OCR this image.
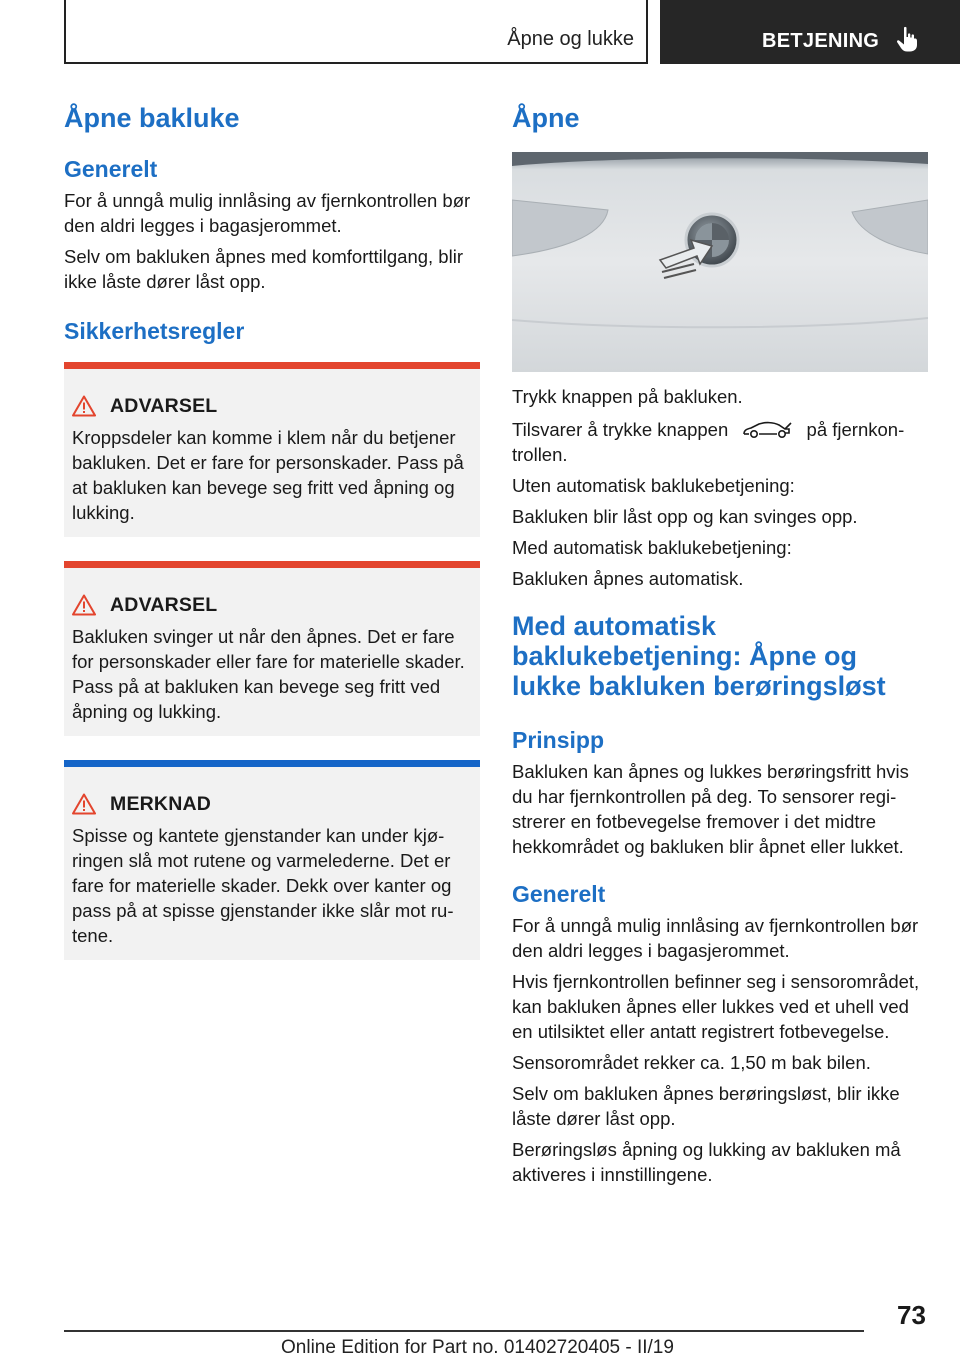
Åpne og lukke	BETJENING
Åpne bakluke
Generelt

For å unngå mulig innlåsing av fjernkontrollen bør den aldri legges i bagasjerommet.

Selv om bakluken åpnes med komforttilgang, blir ikke låste dører låst opp.

Sikkerhetsregler
ADVARSEL
Kroppsdeler kan komme i klem når du betjener bakluken. Det er fare for personskader. Pass på at bakluken kan bevege seg fritt ved åpning og lukking.
ADVARSEL
Bakluken svinger ut når den åpnes. Det er fare for personskader eller fare for materielle skader. Pass på at bakluken kan bevege seg fritt ved åpning og lukking.
MERKNAD
Spisse og kantete gjenstander kan under kjøringen slå mot rutene og varmelederne. Det er fare for materielle skader. Dekk over kanter og pass på at spisse gjenstander ikke slår mot rutene.
Åpne

Trykk knappen på bakluken.

Tilsvarer å trykke knappen	på fjernkontrollen.

Uten automatisk baklukebetjening:

Bakluken blir låst opp og kan svinges opp.

Med automatisk baklukebetjening:

Bakluken åpnes automatisk.

Med automatisk baklukebetjening: Åpne og lukke bakluken berøringsløst
Prinsipp

Bakluken kan åpnes og lukkes berøringsfritt hvis du har fjernkontrollen på deg. To sensorer registrerer en fotbevegelse fremover i det midtre hekkområdet og bakluken blir åpnet eller lukket.

Generelt

For å unngå mulig innlåsing av fjernkontrollen bør den aldri legges i bagasjerommet.

Hvis fjernkontrollen befinner seg i sensorområdet, kan bakluken åpnes eller lukkes ved et uhell ved en utilsiktet eller antatt registrert fotbevegelse.

Sensorområdet rekker ca. 1,50 m bak bilen.

Selv om bakluken åpnes berøringsløst, blir ikke låste dører låst opp.

Berøringsløs åpning og lukking av bakluken må aktiveres i innstillingene.

73
Online Edition for Part no. 01402720405 - II/19
